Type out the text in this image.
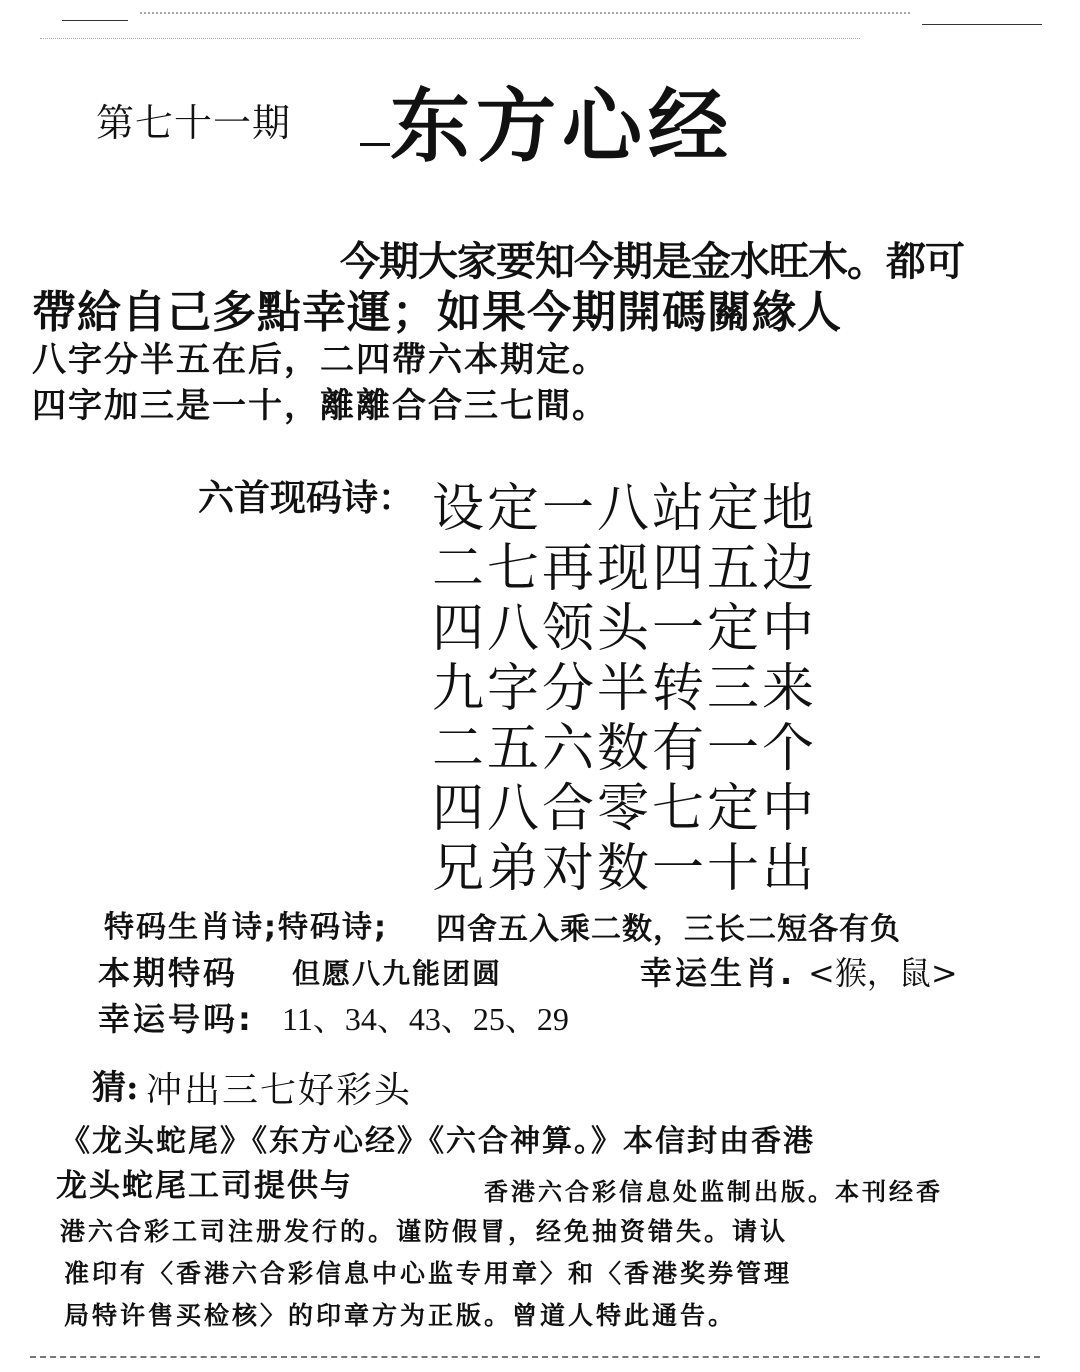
第七十一期 东方心经
今期大家要知今期是金水旺木。都可
帶給自己多點幸運；如果今期開碼關緣人
八字分半五在后，二四帶六本期定。
四字加三是一十，離離合合三七間。
六首现码诗： 设定一八站定地
二七再现四五边
四八领头一定中
九字分半转三来
二五六数有一个
四八合零七定中
兄弟对数一十出
特码生肖诗;特码诗; 四舍五入乘二数，三长二短各有负
本期特码 但愿八九能团圆	幸运生肖. <猴，鼠>
幸运号吗: 11、34、43、25、29
猜: 冲出三七好彩头
《龙头蛇尾》《东方心经》《六合神算。》本信封由香港
龙头蛇尾工司提供与	香港六合彩信息处监制出版。本刊经香
港六合彩工司注册发行的。谨防假冒，经免抽资错失。请认
准印有〈香港六合彩信息中心监专用章〉和〈香港奖券管理
局特许售买检核〉的印章方为正版。曾道人特此通告。
